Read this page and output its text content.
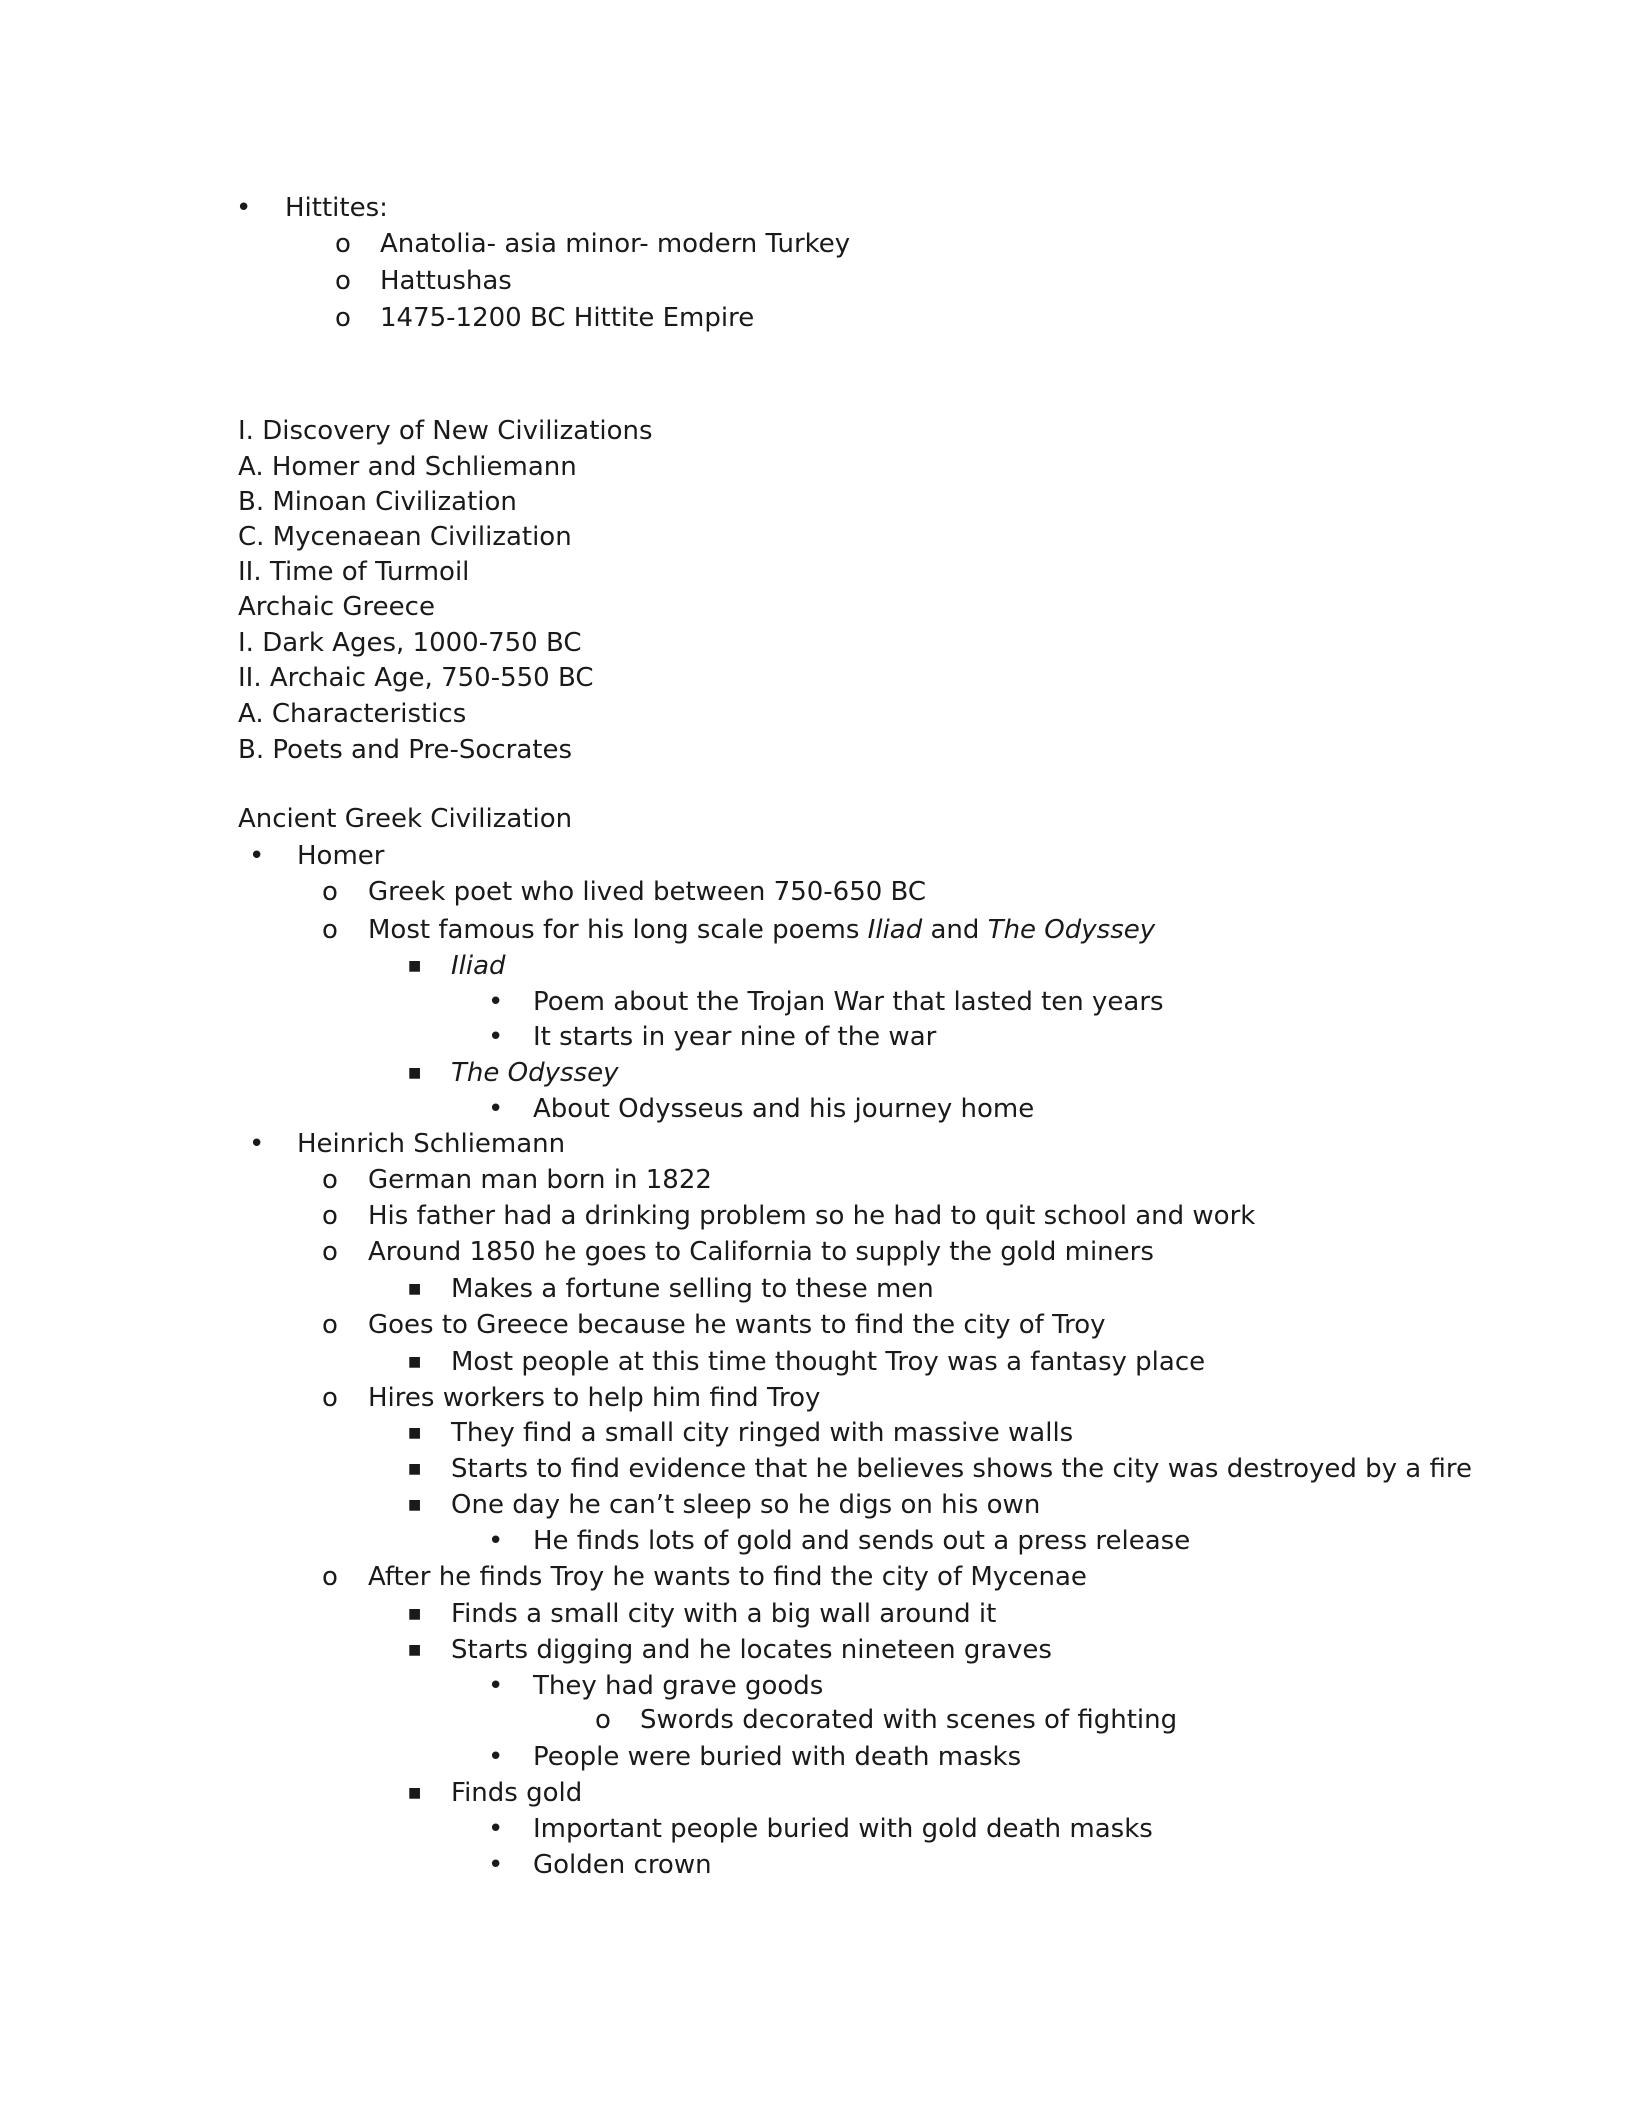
• Hittites:
o Anatolia- asia minor- modern Turkey
o Hattushas
o 1475-1200 BC Hittite Empire
I. Discovery of New Civilizations
A. Homer and Schliemann
B. Minoan Civilization
C. Mycenaean Civilization
II. Time of Turmoil
Archaic Greece
I. Dark Ages, 1000-750 BC
II. Archaic Age, 750-550 BC
A. Characteristics
B. Poets and Pre-Socrates
Ancient Greek Civilization
• Homer
o Greek poet who lived between 750-650 BC
o Most famous for his long scale poems Iliad and The Odyssey
■ Iliad
• Poem about the Trojan War that lasted ten years
• It starts in year nine of the war
■ The Odyssey
• About Odysseus and his journey home
• Heinrich Schliemann
o German man born in 1822
o His father had a drinking problem so he had to quit school and work
o Around 1850 he goes to California to supply the gold miners
■ Makes a fortune selling to these men
o Goes to Greece because he wants to find the city of Troy
■ Most people at this time thought Troy was a fantasy place
o Hires workers to help him find Troy
■ They find a small city ringed with massive walls
■ Starts to find evidence that he believes shows the city was destroyed by a fire
■ One day he can’t sleep so he digs on his own
• He finds lots of gold and sends out a press release
o After he finds Troy he wants to find the city of Mycenae
■ Finds a small city with a big wall around it
■ Starts digging and he locates nineteen graves
• They had grave goods
o Swords decorated with scenes of fighting
• People were buried with death masks
■ Finds gold
• Important people buried with gold death masks
• Golden crown
